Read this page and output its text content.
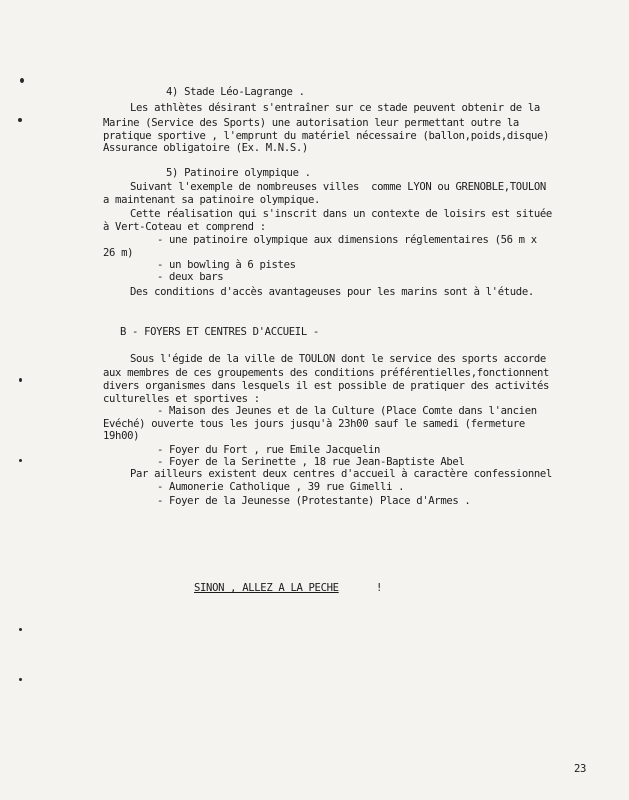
4) Stade Léo-Lagrange .
Les athlètes désirant s'entraîner sur ce stade peuvent obtenir de la
Marine (Service des Sports) une autorisation leur permettant outre la
pratique sportive , l'emprunt du matériel nécessaire (ballon,poids,disque)
Assurance obligatoire (Ex. M.N.S.)
5) Patinoire olympique .
Suivant l'exemple de nombreuses villes  comme LYON ou GRENOBLE,TOULON
a maintenant sa patinoire olympique.
Cette réalisation qui s'inscrit dans un contexte de loisirs est située
à Vert-Coteau et comprend :
- une patinoire olympique aux dimensions réglementaires (56 m x
26 m)
- un bowling à 6 pistes
- deux bars
Des conditions d'accès avantageuses pour les marins sont à l'étude.
B - FOYERS ET CENTRES D'ACCUEIL -
Sous l'égide de la ville de TOULON dont le service des sports accorde
aux membres de ces groupements des conditions préférentielles,fonctionnent
divers organismes dans lesquels il est possible de pratiquer des activités
culturelles et sportives :
- Maison des Jeunes et de la Culture (Place Comte dans l'ancien
Evéché) ouverte tous les jours jusqu'à 23h00 sauf le samedi (fermeture
19h00)
- Foyer du Fort , rue Emile Jacquelin
- Foyer de la Serinette , 18 rue Jean-Baptiste Abel
Par ailleurs existent deux centres d'accueil à caractère confessionnel
- Aumonerie Catholique , 39 rue Gimelli .
- Foyer de la Jeunesse (Protestante) Place d'Armes .
SINON , ALLEZ A LA PECHE	!
23
